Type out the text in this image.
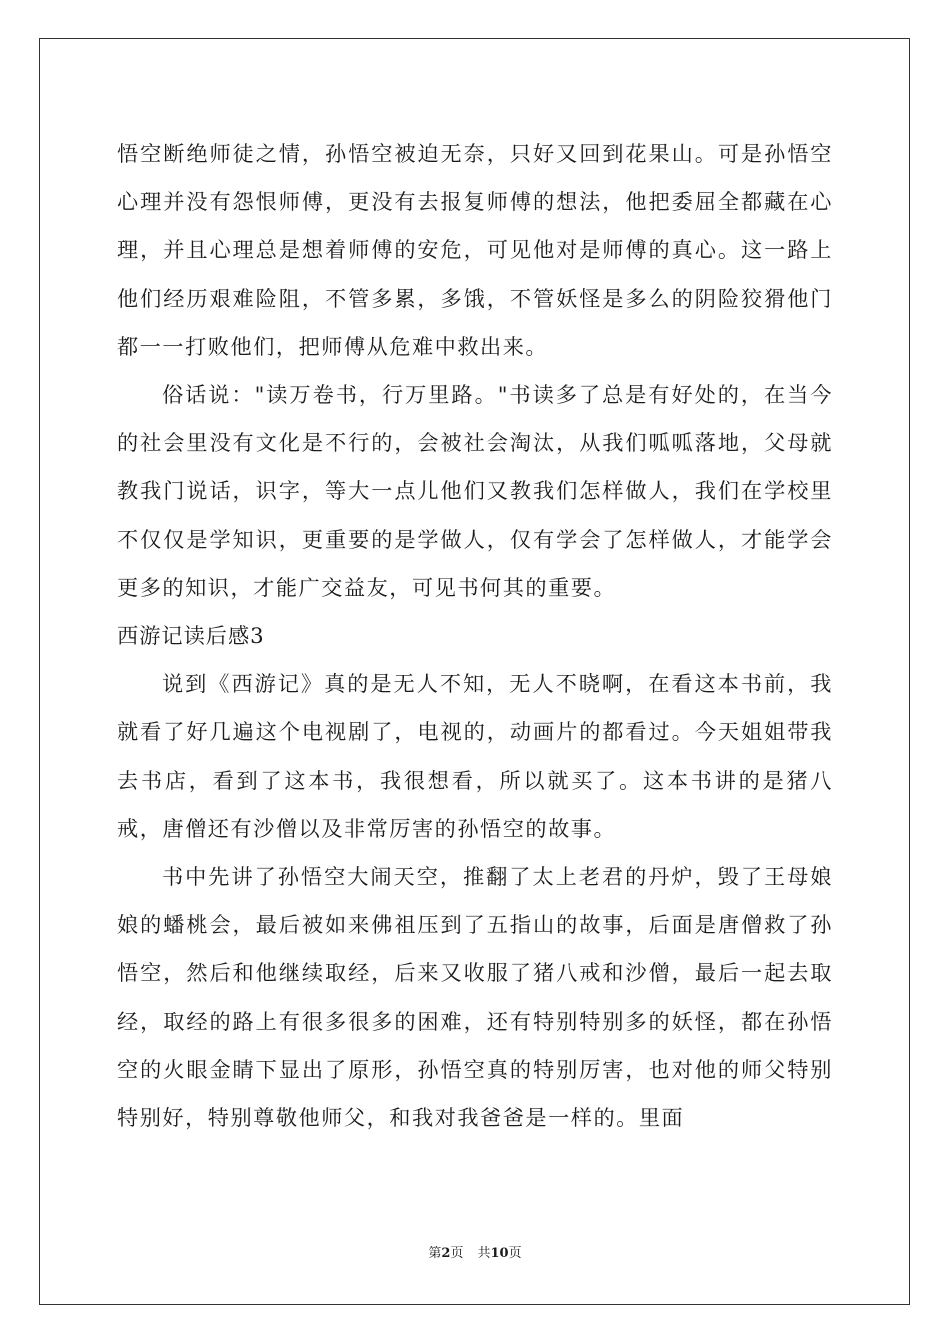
悟空断绝师徒之情，孙悟空被迫无奈，只好又回到花果山。可是孙悟空心理并没有怨恨师傅，更没有去报复师傅的想法，他把委屈全都藏在心理，并且心理总是想着师傅的安危，可见他对是师傅的真心。这一路上他们经历艰难险阻，不管多累，多饿，不管妖怪是多么的阴险狡猾他门都一一打败他们，把师傅从危难中救出来。

俗话说："读万卷书，行万里路。"书读多了总是有好处的，在当今的社会里没有文化是不行的，会被社会淘汰，从我们呱呱落地，父母就教我门说话，识字，等大一点儿他们又教我们怎样做人，我们在学校里不仅仅是学知识，更重要的是学做人，仅有学会了怎样做人，才能学会更多的知识，才能广交益友，可见书何其的重要。

西游记读后感3

说到《西游记》真的是无人不知，无人不晓啊，在看这本书前，我就看了好几遍这个电视剧了，电视的，动画片的都看过。今天姐姐带我去书店，看到了这本书，我很想看，所以就买了。这本书讲的是猪八戒，唐僧还有沙僧以及非常厉害的孙悟空的故事。

书中先讲了孙悟空大闹天空，推翻了太上老君的丹炉，毁了王母娘娘的蟠桃会，最后被如来佛祖压到了五指山的故事，后面是唐僧救了孙悟空，然后和他继续取经，后来又收服了猪八戒和沙僧，最后一起去取经，取经的路上有很多很多的困难，还有特别特别多的妖怪，都在孙悟空的火眼金睛下显出了原形，孙悟空真的特别厉害，也对他的师父特别特别好，特别尊敬他师父，和我对我爸爸是一样的。里面

第2页 共10页
